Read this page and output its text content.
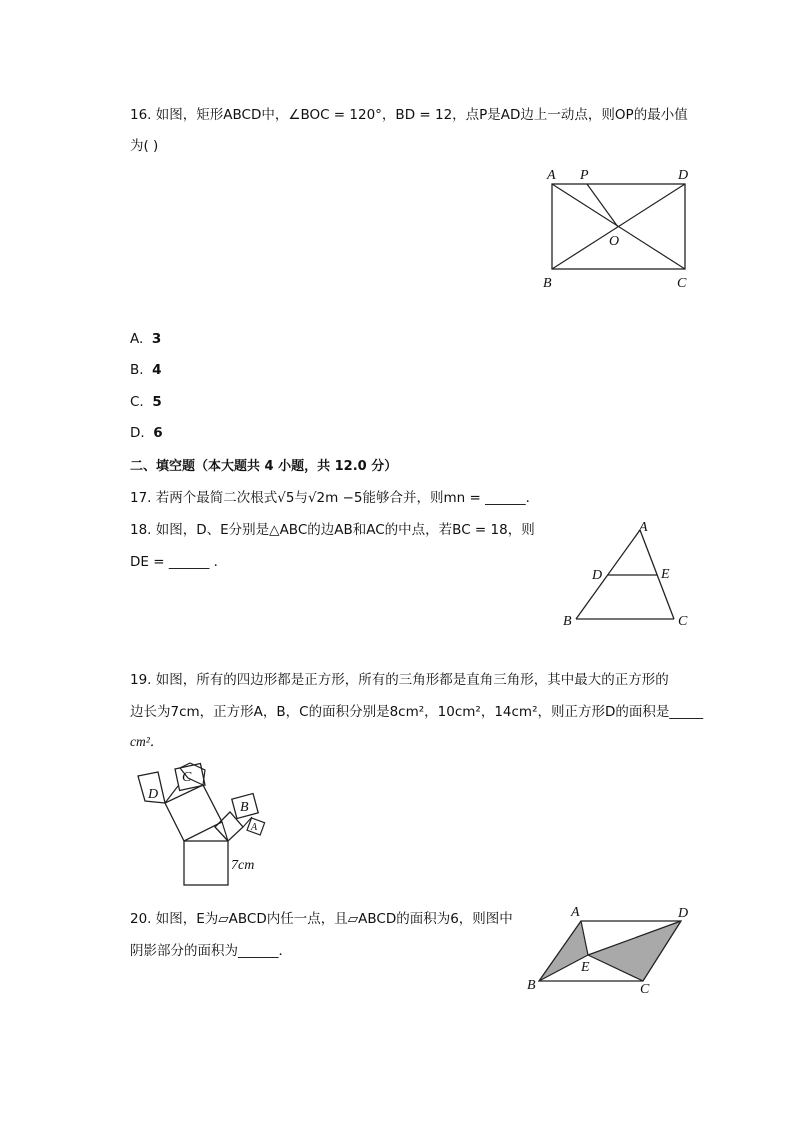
16. 如图，矩形ABCD中，∠BOC = 120°，BD = 12，点P是AD边上一动点，则OP的最小值
为( )
A P	D
O
B	C
A. 3
B. 4
C. 5
D. 6
二、填空题（本大题共 4 小题，共 12.0 分）
17. 若两个最简二次根式√5与√2m −5能够合并，则mn = ______．
18. 如图，D、E分别是△ABC的边AB和AC的中点，若BC = 18，则
DE = ______ ．
A
D	E
B	C
19. 如图，所有的四边形都是正方形，所有的三角形都是直角三角形，其中最大的正方形的
边长为7cm，正方形A，B，C的面积分别是8cm²，10cm²，14cm²，则正方形D的面积是_____
cm²．
C
D
B
A
7cm
20. 如图，E为▱ABCD内任一点，且▱ABCD的面积为6，则图中
阴影部分的面积为______．
A	D
E
B	C
